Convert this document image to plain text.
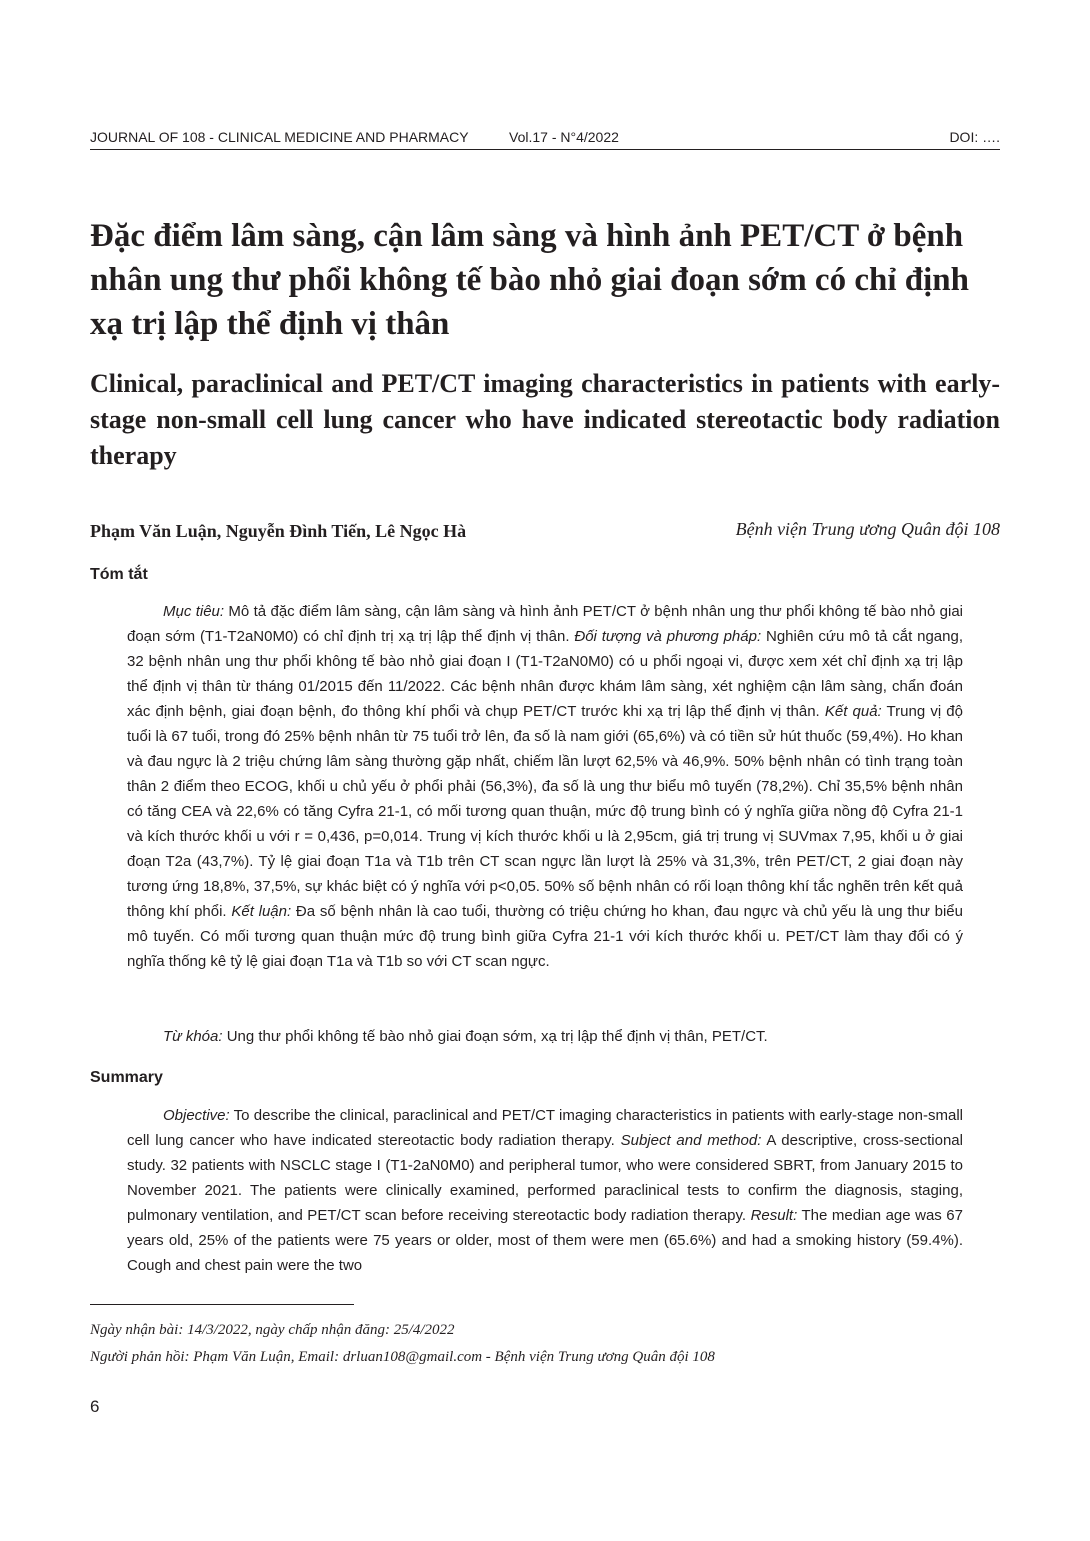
JOURNAL OF 108 - CLINICAL MEDICINE AND PHARMACY	Vol.17 - N°4/2022	DOI: ….
Đặc điểm lâm sàng, cận lâm sàng và hình ảnh PET/CT ở bệnh nhân ung thư phổi không tế bào nhỏ giai đoạn sớm có chỉ định xạ trị lập thể định vị thân
Clinical, paraclinical and PET/CT imaging characteristics in patients with early-stage non-small cell lung cancer who have indicated stereotactic body radiation therapy
Phạm Văn Luận, Nguyễn Đình Tiến, Lê Ngọc Hà	Bệnh viện Trung ương Quân đội 108
Tóm tắt

Mục tiêu: Mô tả đặc điểm lâm sàng, cận lâm sàng và hình ảnh PET/CT ở bệnh nhân ung thư phổi không tế bào nhỏ giai đoạn sớm (T1-T2aN0M0) có chỉ định trị xạ trị lập thể định vị thân. Đối tượng và phương pháp: Nghiên cứu mô tả cắt ngang, 32 bệnh nhân ung thư phổi không tế bào nhỏ giai đoạn I (T1-T2aN0M0) có u phổi ngoại vi, được xem xét chỉ định xạ trị lập thể định vị thân từ tháng 01/2015 đến 11/2022. Các bệnh nhân được khám lâm sàng, xét nghiệm cận lâm sàng, chẩn đoán xác định bệnh, giai đoạn bệnh, đo thông khí phổi và chụp PET/CT trước khi xạ trị lập thể định vị thân. Kết quả: Trung vị độ tuổi là 67 tuổi, trong đó 25% bệnh nhân từ 75 tuổi trở lên, đa số là nam giới (65,6%) và có tiền sử hút thuốc (59,4%). Ho khan và đau ngực là 2 triệu chứng lâm sàng thường gặp nhất, chiếm lần lượt 62,5% và 46,9%. 50% bệnh nhân có tình trạng toàn thân 2 điểm theo ECOG, khối u chủ yếu ở phổi phải (56,3%), đa số là ung thư biểu mô tuyến (78,2%). Chỉ 35,5% bệnh nhân có tăng CEA và 22,6% có tăng Cyfra 21-1, có mối tương quan thuận, mức độ trung bình có ý nghĩa giữa nồng độ Cyfra 21-1 và kích thước khối u với r = 0,436, p=0,014. Trung vị kích thước khối u là 2,95cm, giá trị trung vị SUVmax 7,95, khối u ở giai đoạn T2a (43,7%). Tỷ lệ giai đoạn T1a và T1b trên CT scan ngực lần lượt là 25% và 31,3%, trên PET/CT, 2 giai đoạn này tương ứng 18,8%, 37,5%, sự khác biệt có ý nghĩa với p<0,05. 50% số bệnh nhân có rối loạn thông khí tắc nghẽn trên kết quả thông khí phổi. Kết luận: Đa số bệnh nhân là cao tuổi, thường có triệu chứng ho khan, đau ngực và chủ yếu là ung thư biểu mô tuyến. Có mối tương quan thuận mức độ trung bình giữa Cyfra 21-1 với kích thước khối u. PET/CT làm thay đổi có ý nghĩa thống kê tỷ lệ giai đoạn T1a và T1b so với CT scan ngực.

Từ khóa: Ung thư phổi không tế bào nhỏ giai đoạn sớm, xạ trị lập thể định vị thân, PET/CT.

Summary

Objective: To describe the clinical, paraclinical and PET/CT imaging characteristics in patients with early-stage non-small cell lung cancer who have indicated stereotactic body radiation therapy. Subject and method: A descriptive, cross-sectional study. 32 patients with NSCLC stage I (T1-2aN0M0) and peripheral tumor, who were considered SBRT, from January 2015 to November 2021. The patients were clinically examined, performed paraclinical tests to confirm the diagnosis, staging, pulmonary ventilation, and PET/CT scan before receiving stereotactic body radiation therapy. Result: The median age was 67 years old, 25% of the patients were 75 years or older, most of them were men (65.6%) and had a smoking history (59.4%). Cough and chest pain were the two

Ngày nhận bài: 14/3/2022, ngày chấp nhận đăng: 25/4/2022

Người phản hồi: Phạm Văn Luận, Email: drluan108@gmail.com - Bệnh viện Trung ương Quân đội 108

6
